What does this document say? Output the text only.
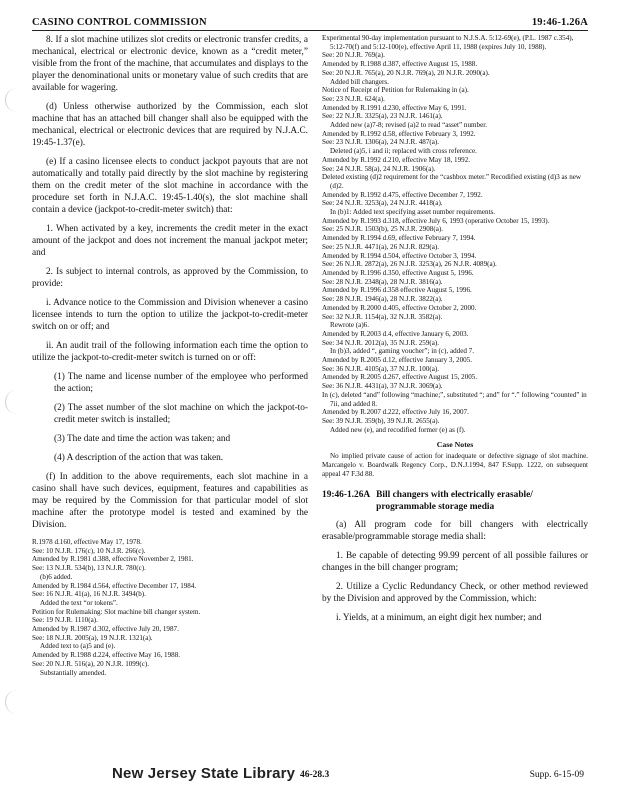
CASINO CONTROL COMMISSION	19:46-1.26A
8. If a slot machine utilizes slot credits or electronic transfer credits, a mechanical, electrical or electronic device, known as a “credit meter,” visible from the front of the machine, that accumulates and displays to the player the denominational units or monetary value of such credits that are available for wagering.
(d) Unless otherwise authorized by the Commission, each slot machine that has an attached bill changer shall also be equipped with the mechanical, electrical or electronic devices that are required by N.J.A.C. 19:45-1.37(e).
(e) If a casino licensee elects to conduct jackpot payouts that are not automatically and totally paid directly by the slot machine by registering them on the credit meter of the slot machine in accordance with the procedure set forth in N.J.A.C. 19:45-1.40(s), the slot machine shall contain a device (jackpot-to-credit-meter switch) that:
1. When activated by a key, increments the credit meter in the exact amount of the jackpot and does not increment the manual jackpot meter; and
2. Is subject to internal controls, as approved by the Commission, to provide:
i. Advance notice to the Commission and Division whenever a casino licensee intends to turn the option to utilize the jackpot-to-credit-meter switch on or off; and
ii. An audit trail of the following information each time the option to utilize the jackpot-to-credit-meter switch is turned on or off:
(1) The name and license number of the employee who performed the action;
(2) The asset number of the slot machine on which the jackpot-to-credit meter switch is installed;
(3) The date and time the action was taken; and
(4) A description of the action that was taken.
(f) In addition to the above requirements, each slot machine in a casino shall have such devices, equipment, features and capabilities as may be required by the Commission for that particular model of slot machine after the prototype model is tested and examined by the Division.
R.1978 d.160, effective May 17, 1978.
See: 10 N.J.R. 176(c), 10 N.J.R. 266(c).
Amended by R.1981 d.388, effective November 2, 1981.
See: 13 N.J.R. 534(b), 13 N.J.R. 780(c).
(b)6 added.
Amended by R.1984 d.564, effective December 17, 1984.
See: 16 N.J.R. 41(a), 16 N.J.R. 3494(b).
Added the text “or tokens”.
Petition for Rulemaking: Slot machine bill changer system.
See: 19 N.J.R. 1110(a).
Amended by R.1987 d.302, effective July 20, 1987.
See: 18 N.J.R. 2005(a), 19 N.J.R. 1321(a).
Added text to (a)5 and (e).
Amended by R.1988 d.224, effective May 16, 1988.
See: 20 N.J.R. 516(a), 20 N.J.R. 1099(c).
Substantially amended.
Experimental 90-day implementation pursuant to N.J.S.A. 5:12-69(e), (P.L. 1987 c.354), 5:12-70(f) and 5:12-100(e), effective April 11, 1988 (expires July 10, 1988).
See: 20 N.J.R. 769(a).
Amended by R.1988 d.387, effective August 15, 1988.
See: 20 N.J.R. 765(a), 20 N.J.R. 769(a), 20 N.J.R. 2090(a).
Added bill changers.
Notice of Receipt of Petition for Rulemaking in (a).
See: 23 N.J.R. 624(a).
Amended by R.1991 d.230, effective May 6, 1991.
See: 22 N.J.R. 3325(a), 23 N.J.R. 1461(a).
Added new (a)7-8; revised (a)2 to read “asset” number.
Amended by R.1992 d.58, effective February 3, 1992.
See: 23 N.J.R. 1306(a), 24 N.J.R. 487(a).
Deleted (a)5, i and ii; replaced with cross reference.
Amended by R.1992 d.210, effective May 18, 1992.
See: 24 N.J.R. 58(a), 24 N.J.R. 1906(a).
Deleted existing (d)2 requirement for the “cashbox meter.” Recodified existing (d)3 as new (d)2.
Amended by R.1992 d.475, effective December 7, 1992.
See: 24 N.J.R. 3253(a), 24 N.J.R. 4418(a).
In (b)1: Added text specifying asset number requirements.
Amended by R.1993 d.318, effective July 6, 1993 (operative October 15, 1993).
See: 25 N.J.R. 1503(b), 25 N.J.R. 2908(a).
Amended by R.1994 d.69, effective February 7, 1994.
See: 25 N.J.R. 4471(a), 26 N.J.R. 829(a).
Amended by R.1994 d.504, effective October 3, 1994.
See: 26 N.J.R. 2872(a), 26 N.J.R. 3253(a), 26 N.J.R. 4089(a).
Amended by R.1996 d.350, effective August 5, 1996.
See: 28 N.J.R. 2348(a), 28 N.J.R. 3816(a).
Amended by R.1996 d.358 effective August 5, 1996.
See: 28 N.J.R. 1946(a), 28 N.J.R. 3822(a).
Amended by R.2000 d.405, effective October 2, 2000.
See: 32 N.J.R. 1154(a), 32 N.J.R. 3582(a).
Rewrote (a)6.
Amended by R.2003 d.4, effective January 6, 2003.
See: 34 N.J.R. 2012(a), 35 N.J.R. 259(a).
In (b)3, added “, gaming voucher”; in (c), added 7.
Amended by R.2005 d.12, effective January 3, 2005.
See: 36 N.J.R. 4105(a), 37 N.J.R. 100(a).
Amended by R.2005 d.267, effective August 15, 2005.
See: 36 N.J.R. 4431(a), 37 N.J.R. 3069(a).
In (c), deleted “and” following “machine;”, substituted “; and” for “.” following “counted” in 7ii, and added 8.
Amended by R.2007 d.222, effective July 16, 2007.
See: 39 N.J.R. 359(b), 39 N.J.R. 2655(a).
Added new (e), and recodified former (e) as (f).
Case Notes
No implied private cause of action for inadequate or defective signage of slot machine. Marcangelo v. Boardwalk Regency Corp., D.N.J.1994, 847 F.Supp. 1222, on subsequent appeal 47 F.3d 88.
19:46-1.26A Bill changers with electrically erasable/ programmable storage media
(a) All program code for bill changers with electrically erasable/programmable storage media shall:
1. Be capable of detecting 99.99 percent of all possible failures or changes in the bill changer program;
2. Utilize a Cyclic Redundancy Check, or other method reviewed by the Division and approved by the Commission, which:
i. Yields, at a minimum, an eight digit hex number; and
New Jersey State Library 46-28.3	Supp. 6-15-09
